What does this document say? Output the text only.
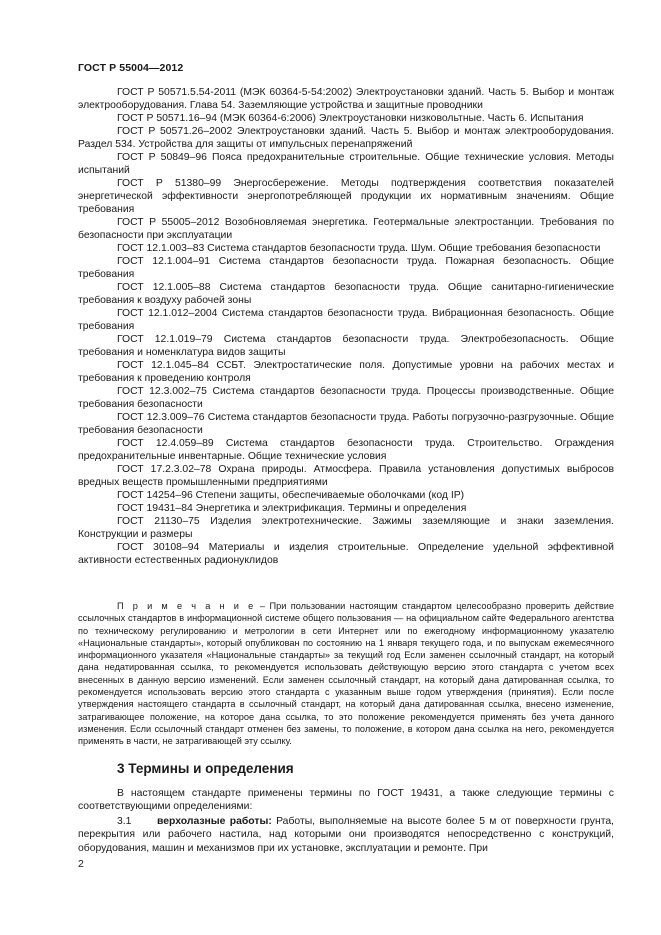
ГОСТ Р 55004—2012

ГОСТ Р 50571.5.54-2011 (МЭК 60364-5-54:2002) Электроустановки зданий. Часть 5. Выбор и монтаж электрооборудования. Глава 54. Заземляющие устройства и защитные проводники

ГОСТ Р 50571.16–94 (МЭК 60364-6:2006) Электроустановки низковольтные. Часть 6. Испытания

ГОСТ Р 50571.26–2002 Электроустановки зданий. Часть 5. Выбор и монтаж электрооборудования. Раздел 534. Устройства для защиты от импульсных перенапряжений

ГОСТ Р 50849–96 Пояса предохранительные строительные. Общие технические условия. Методы испытаний

ГОСТ Р 51380–99 Энергосбережение. Методы подтверждения соответствия показателей энергетической эффективности энергопотребляющей продукции их нормативным значениям. Общие требования

ГОСТ Р 55005–2012 Возобновляемая энергетика. Геотермальные электростанции. Требования по безопасности при эксплуатации

ГОСТ 12.1.003–83 Система стандартов безопасности труда. Шум. Общие требования безопасности

ГОСТ 12.1.004–91 Система стандартов безопасности труда. Пожарная безопасность. Общие требования

ГОСТ 12.1.005–88 Система стандартов безопасности труда. Общие санитарно-гигиенические требования к воздуху рабочей зоны

ГОСТ 12.1.012–2004 Система стандартов безопасности труда. Вибрационная безопасность. Общие требования

ГОСТ 12.1.019–79 Система стандартов безопасности труда. Электробезопасность. Общие требования и номенклатура видов защиты

ГОСТ 12.1.045–84 ССБТ. Электростатические поля. Допустимые уровни на рабочих местах и требования к проведению контроля

ГОСТ 12.3.002–75 Система стандартов безопасности труда. Процессы производственные. Общие требования безопасности

ГОСТ 12.3.009–76 Система стандартов безопасности труда. Работы погрузочно-разгрузочные. Общие требования безопасности

ГОСТ 12.4.059–89 Система стандартов безопасности труда. Строительство. Ограждения предохранительные инвентарные. Общие технические условия

ГОСТ 17.2.3.02–78 Охрана природы. Атмосфера. Правила установления допустимых выбросов вредных веществ промышленными предприятиями

ГОСТ 14254–96 Степени защиты, обеспечиваемые оболочками (код IP)

ГОСТ 19431–84 Энергетика и электрификация. Термины и определения

ГОСТ 21130–75 Изделия электротехнические. Зажимы заземляющие и знаки заземления. Конструкции и размеры

ГОСТ 30108–94 Материалы и изделия строительные. Определение удельной эффективной активности естественных радионуклидов

П р и м е ч а н и е – При пользовании настоящим стандартом целесообразно проверить действие ссылочных стандартов в информационной системе общего пользования — на официальном сайте Федерального агентства по техническому регулированию и метрологии в сети Интернет или по ежегодному информационному указателю «Национальные стандарты», который опубликован по состоянию на 1 января текущего года, и по выпускам ежемесячного информационного указателя «Национальные стандарты» за текущий год Если заменен ссылочный стандарт, на который дана недатированная ссылка, то рекомендуется использовать действующую версию этого стандарта с учетом всех внесенных в данную версию изменений. Если заменен ссылочный стандарт, на который дана датированная ссылка, то рекомендуется использовать версию этого стандарта с указанным выше годом утверждения (принятия). Если после утверждения настоящего стандарта в ссылочный стандарт, на который дана датированная ссылка, внесено изменение, затрагивающее положение, на которое дана ссылка, то это положение рекомендуется применять без учета данного изменения. Если ссылочный стандарт отменен без замены, то положение, в котором дана ссылка на него, рекомендуется применять в части, не затрагивающей эту ссылку.

3 Термины и определения

В настоящем стандарте применены термины по ГОСТ 19431, а также следующие термины с соответствующими определениями:

3.1 верхолазные работы: Работы, выполняемые на высоте более 5 м от поверхности грунта, перекрытия или рабочего настила, над которыми они производятся непосредственно с конструкций, оборудования, машин и механизмов при их установке, эксплуатации и ремонте. При

2
